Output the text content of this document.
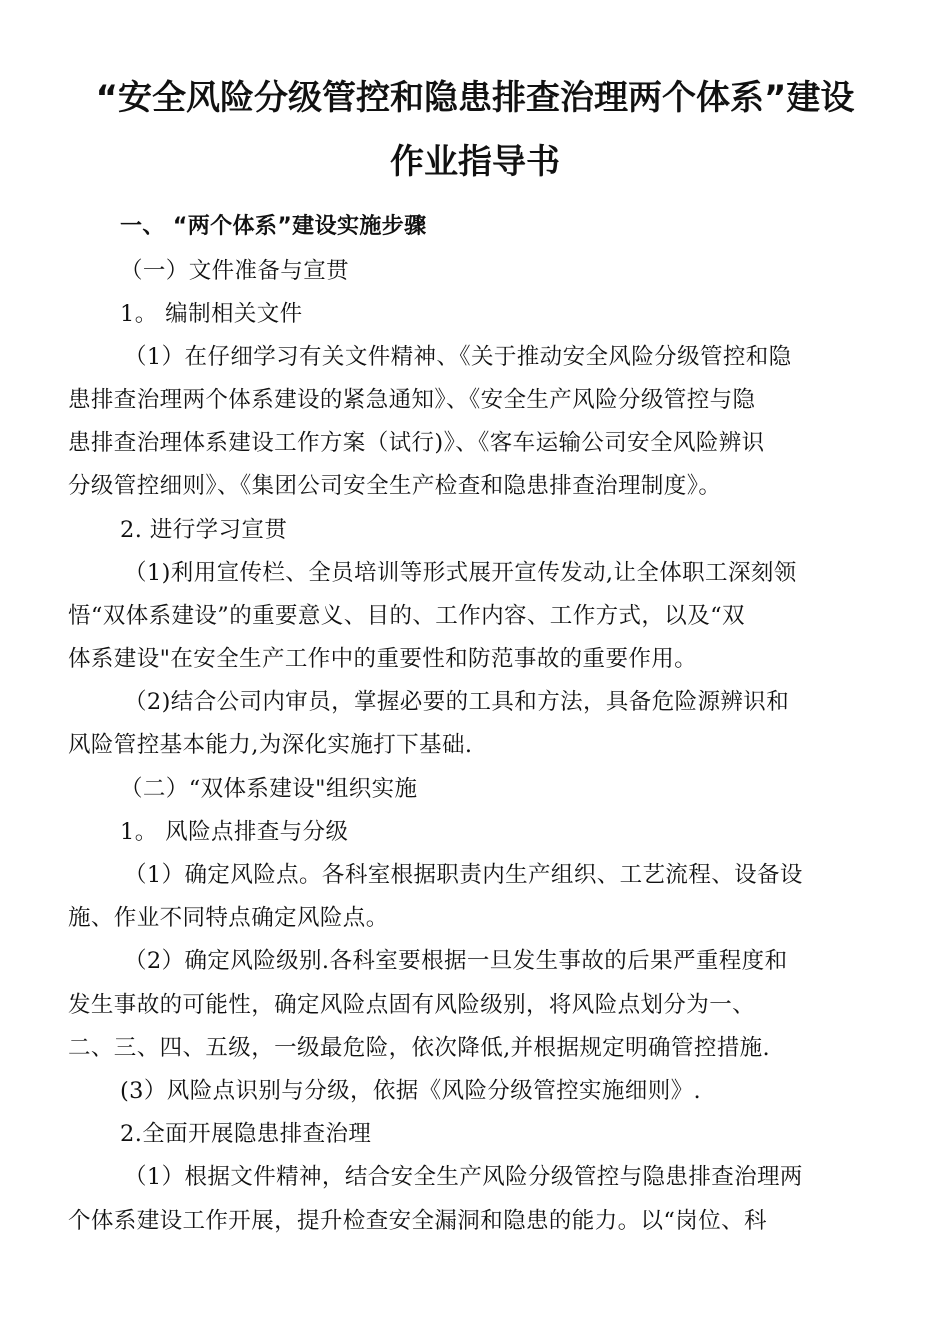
“安全风险分级管控和隐患排查治理两个体系”建设
作业指导书
一、 “两个体系”建设实施步骤
（一）文件准备与宣贯
1。 编制相关文件
（1）在仔细学习有关文件精神、《关于推动安全风险分级管控和隐
患排查治理两个体系建设的紧急通知》、《安全生产风险分级管控与隐
患排查治理体系建设工作方案（试行)》、《客车运输公司安全风险辨识
分级管控细则》、《集团公司安全生产检查和隐患排查治理制度》。
2. 进行学习宣贯
（1)利用宣传栏、全员培训等形式展开宣传发动,让全体职工深刻领
悟“双体系建设”的重要意义、目的、工作内容、工作方式，以及“双
体系建设"在安全生产工作中的重要性和防范事故的重要作用。
（2)结合公司内审员，掌握必要的工具和方法，具备危险源辨识和
风险管控基本能力,为深化实施打下基础.
（二）“双体系建设"组织实施
1。 风险点排查与分级
（1）确定风险点。各科室根据职责内生产组织、工艺流程、设备设
施、作业不同特点确定风险点。
（2）确定风险级别.各科室要根据一旦发生事故的后果严重程度和
发生事故的可能性，确定风险点固有风险级别，将风险点划分为一、
二、三、四、五级，一级最危险，依次降低,并根据规定明确管控措施.
(3）风险点识别与分级，依据《风险分级管控实施细则》.
2.全面开展隐患排查治理
（1）根据文件精神，结合安全生产风险分级管控与隐患排查治理两
个体系建设工作开展，提升检查安全漏洞和隐患的能力。以“岗位、科
